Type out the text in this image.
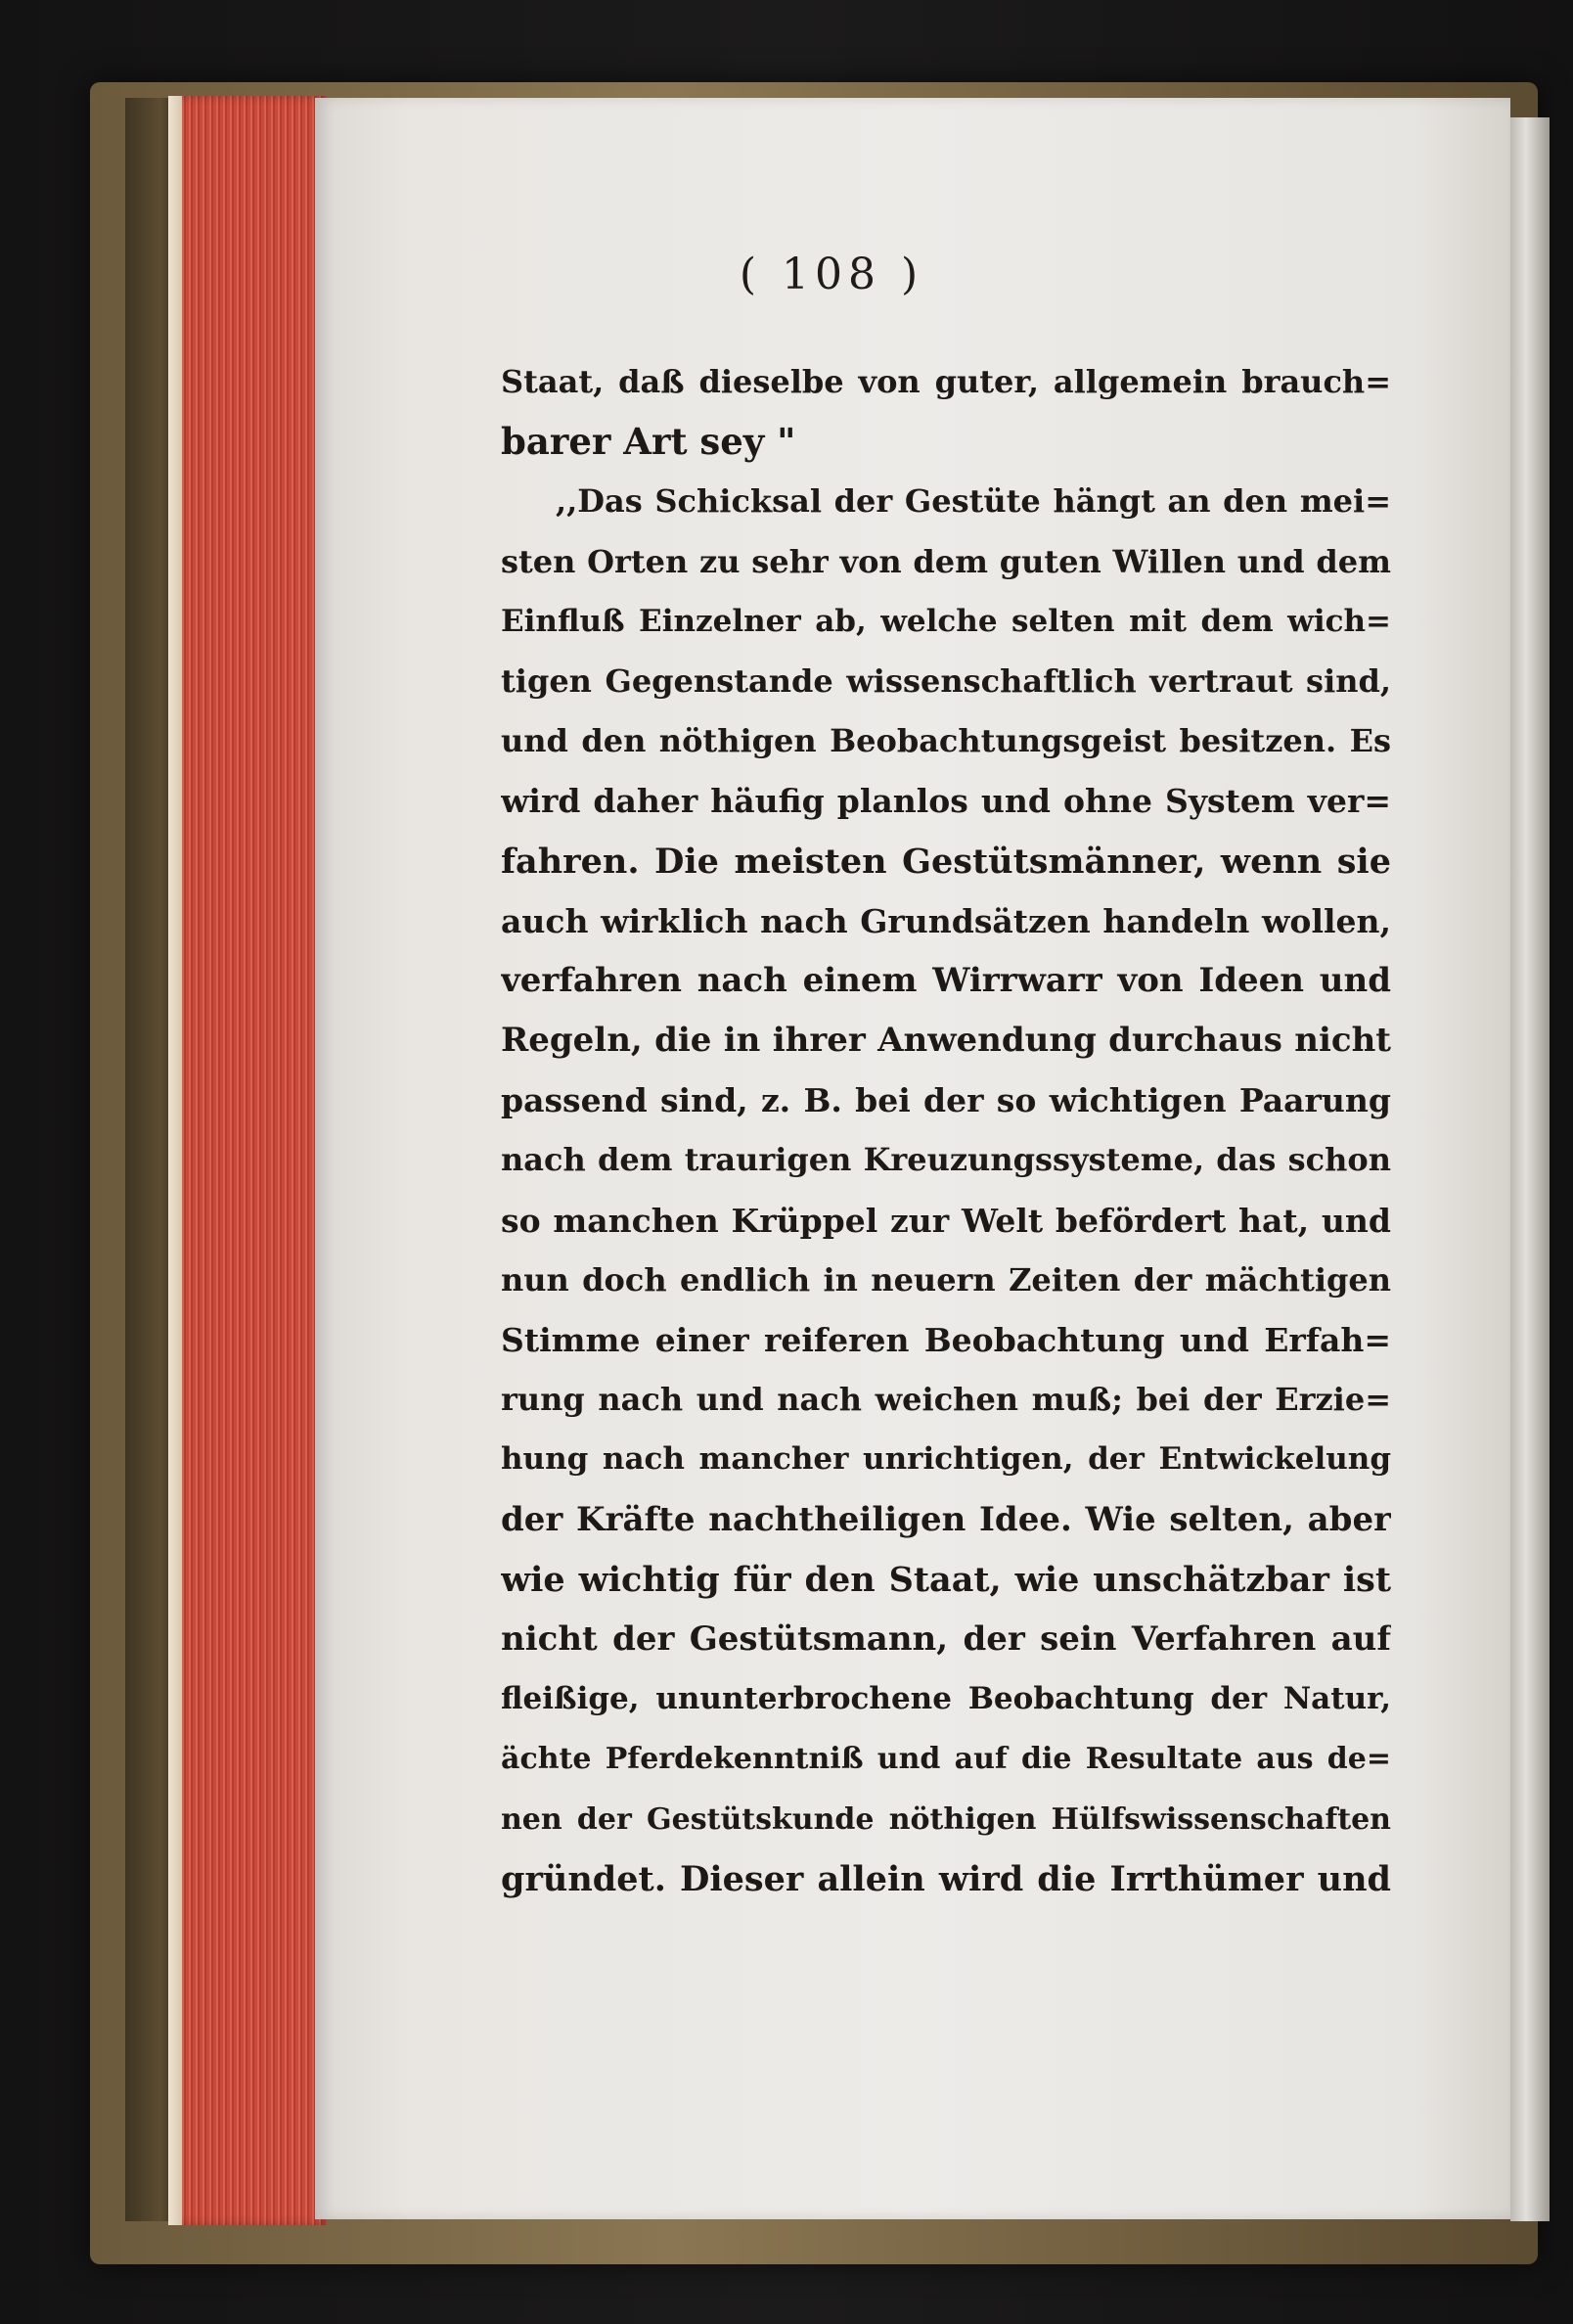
( 108 )
Staat, daß dieselbe von guter, allgemein brauch=
barer Art sey "
,,Das Schicksal der Gestüte hängt an den mei=
sten Orten zu sehr von dem guten Willen und dem
Einfluß Einzelner ab, welche selten mit dem wich=
tigen Gegenstande wissenschaftlich vertraut sind,
und den nöthigen Beobachtungsgeist besitzen. Es
wird daher häufig planlos und ohne System ver=
fahren. Die meisten Gestütsmänner, wenn sie
auch wirklich nach Grundsätzen handeln wollen,
verfahren nach einem Wirrwarr von Ideen und
Regeln, die in ihrer Anwendung durchaus nicht
passend sind, z. B. bei der so wichtigen Paarung
nach dem traurigen Kreuzungssysteme, das schon
so manchen Krüppel zur Welt befördert hat, und
nun doch endlich in neuern Zeiten der mächtigen
Stimme einer reiferen Beobachtung und Erfah=
rung nach und nach weichen muß; bei der Erzie=
hung nach mancher unrichtigen, der Entwickelung
der Kräfte nachtheiligen Idee. Wie selten, aber
wie wichtig für den Staat, wie unschätzbar ist
nicht der Gestütsmann, der sein Verfahren auf
fleißige, ununterbrochene Beobachtung der Natur,
ächte Pferdekenntniß und auf die Resultate aus de=
nen der Gestütskunde nöthigen Hülfswissenschaften
gründet. Dieser allein wird die Irrthümer und
